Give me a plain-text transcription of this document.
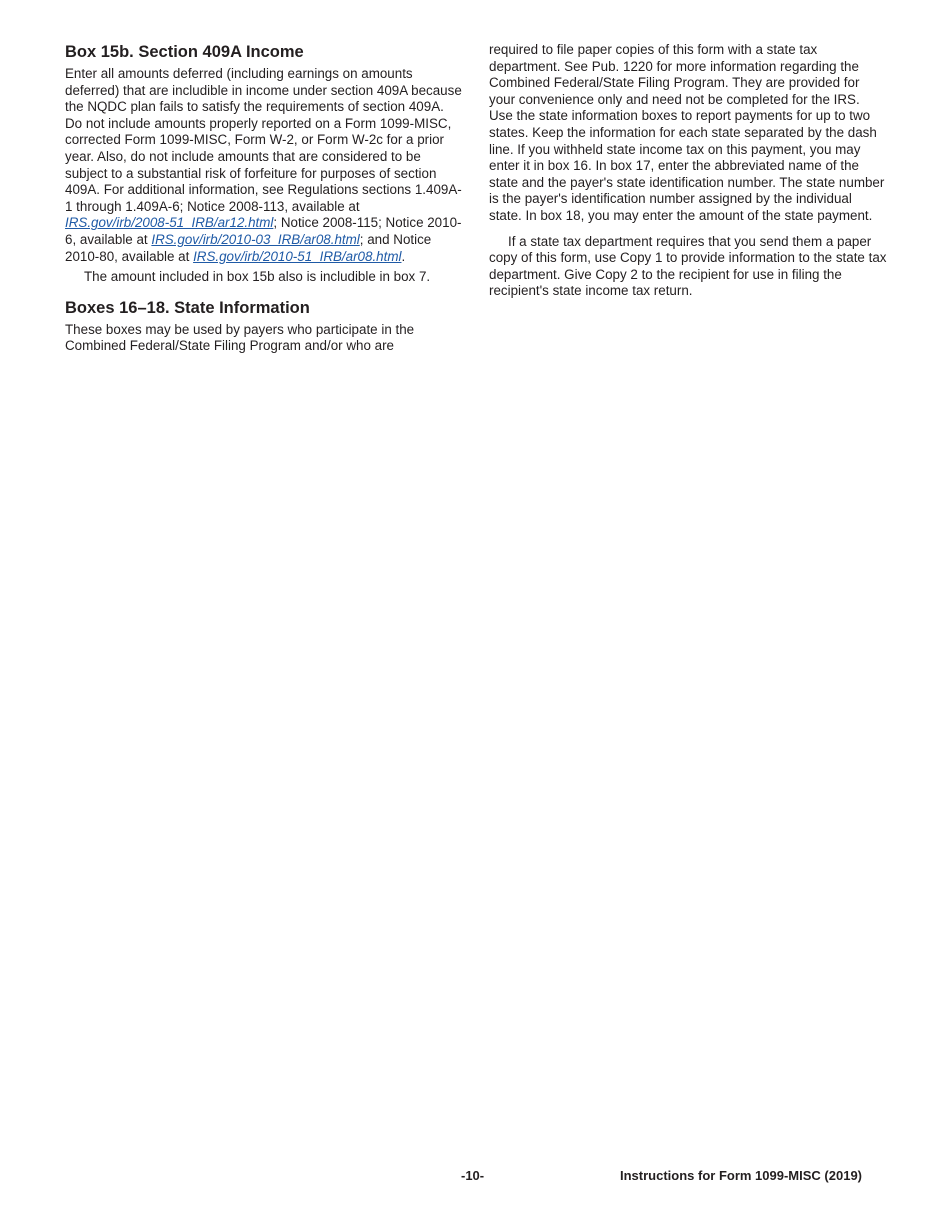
Box 15b. Section 409A Income

Enter all amounts deferred (including earnings on amounts deferred) that are includible in income under section 409A because the NQDC plan fails to satisfy the requirements of section 409A. Do not include amounts properly reported on a Form 1099-MISC, corrected Form 1099-MISC, Form W-2, or Form W-2c for a prior year. Also, do not include amounts that are considered to be subject to a substantial risk of forfeiture for purposes of section 409A. For additional information, see Regulations sections 1.409A-1 through 1.409A-6; Notice 2008-113, available at IRS.gov/irb/2008-51_IRB/ar12.html; Notice 2008-115; Notice 2010-6, available at IRS.gov/irb/2010-03_IRB/ar08.html; and Notice 2010-80, available at IRS.gov/irb/2010-51_IRB/ar08.html.

The amount included in box 15b also is includible in box 7.

Boxes 16–18. State Information

These boxes may be used by payers who participate in the Combined Federal/State Filing Program and/or who are

required to file paper copies of this form with a state tax department. See Pub. 1220 for more information regarding the Combined Federal/State Filing Program. They are provided for your convenience only and need not be completed for the IRS. Use the state information boxes to report payments for up to two states. Keep the information for each state separated by the dash line. If you withheld state income tax on this payment, you may enter it in box 16. In box 17, enter the abbreviated name of the state and the payer's state identification number. The state number is the payer's identification number assigned by the individual state. In box 18, you may enter the amount of the state payment.

If a state tax department requires that you send them a paper copy of this form, use Copy 1 to provide information to the state tax department. Give Copy 2 to the recipient for use in filing the recipient's state income tax return.

-10-	Instructions for Form 1099-MISC (2019)
